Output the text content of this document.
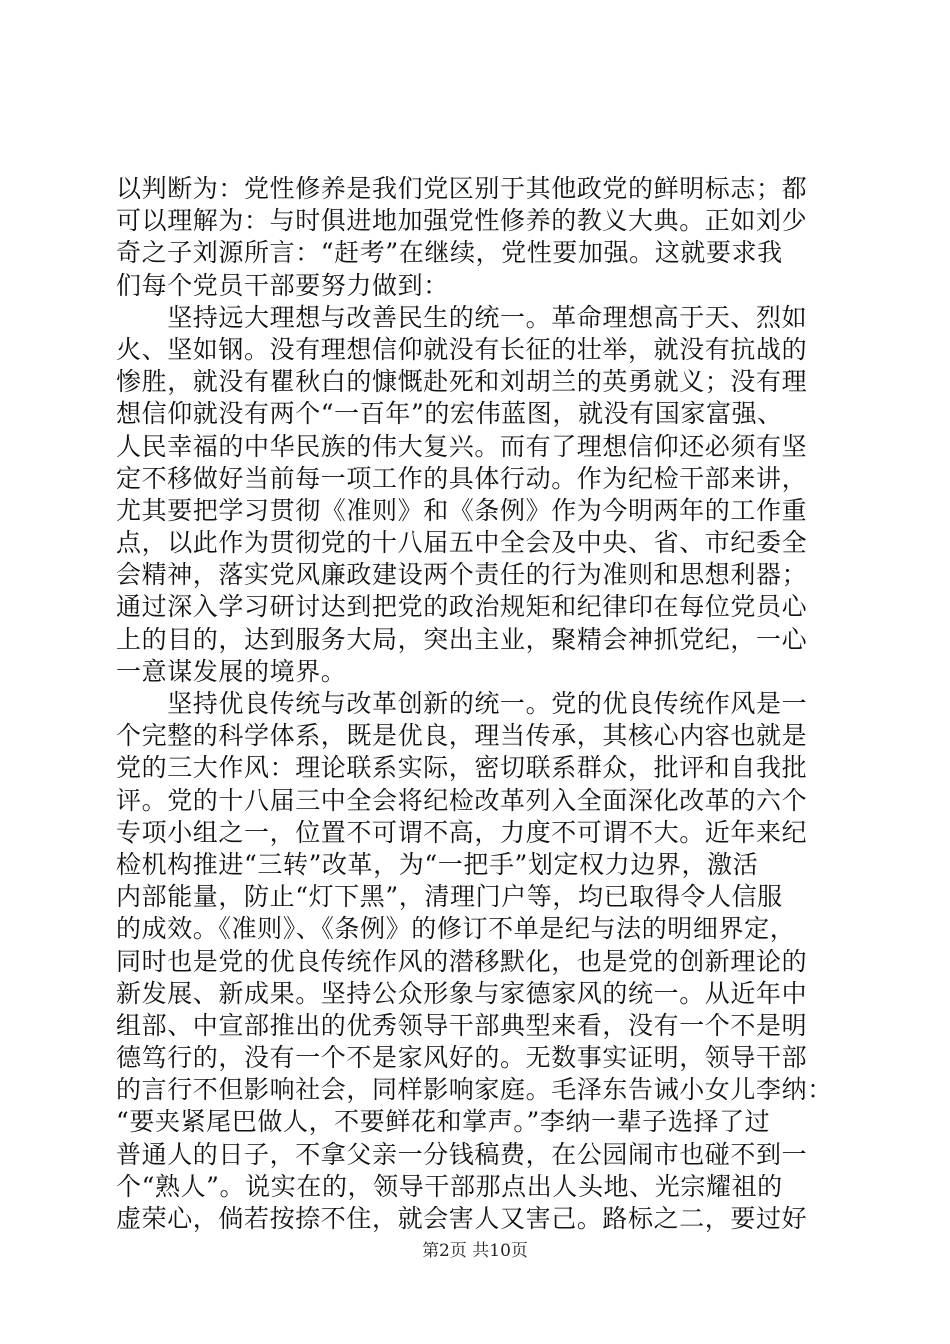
以判断为：党性修养是我们党区别于其他政党的鲜明标志；都
可以理解为：与时俱进地加强党性修养的教义大典。正如刘少
奇之子刘源所言：“赶考”在继续，党性要加强。这就要求我
们每个党员干部要努力做到：
　　坚持远大理想与改善民生的统一。革命理想高于天、烈如
火、坚如钢。没有理想信仰就没有长征的壮举，就没有抗战的
惨胜，就没有瞿秋白的慷慨赴死和刘胡兰的英勇就义；没有理
想信仰就没有两个“一百年”的宏伟蓝图，就没有国家富强、
人民幸福的中华民族的伟大复兴。而有了理想信仰还必须有坚
定不移做好当前每一项工作的具体行动。作为纪检干部来讲，
尤其要把学习贯彻《准则》和《条例》作为今明两年的工作重
点，以此作为贯彻党的十八届五中全会及中央、省、市纪委全
会精神，落实党风廉政建设两个责任的行为准则和思想利器；
通过深入学习研讨达到把党的政治规矩和纪律印在每位党员心
上的目的，达到服务大局，突出主业，聚精会神抓党纪，一心
一意谋发展的境界。
　　坚持优良传统与改革创新的统一。党的优良传统作风是一
个完整的科学体系，既是优良，理当传承，其核心内容也就是
党的三大作风：理论联系实际，密切联系群众，批评和自我批
评。党的十八届三中全会将纪检改革列入全面深化改革的六个
专项小组之一，位置不可谓不高，力度不可谓不大。近年来纪
检机构推进“三转”改革，为“一把手”划定权力边界，激活
内部能量，防止“灯下黑”，清理门户等，均已取得令人信服
的成效。《准则》、《条例》的修订不单是纪与法的明细界定，
同时也是党的优良传统作风的潜移默化，也是党的创新理论的
新发展、新成果。坚持公众形象与家德家风的统一。从近年中
组部、中宣部推出的优秀领导干部典型来看，没有一个不是明
德笃行的，没有一个不是家风好的。无数事实证明，领导干部
的言行不但影响社会，同样影响家庭。毛泽东告诫小女儿李纳：
“要夹紧尾巴做人，不要鲜花和掌声。”李纳一辈子选择了过
普通人的日子，不拿父亲一分钱稿费，在公园闹市也碰不到一
个“熟人”。说实在的，领导干部那点出人头地、光宗耀祖的
虚荣心，倘若按捺不住，就会害人又害己。路标之二，要过好
第2页 共10页
